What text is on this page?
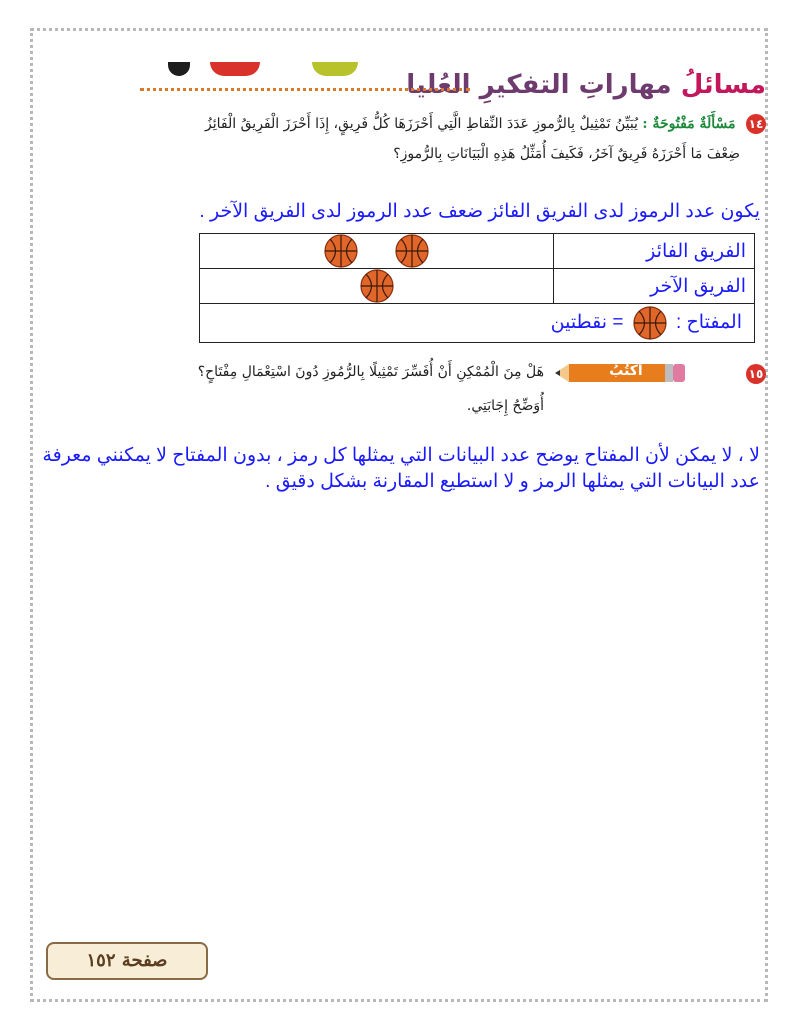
مسائلُ مهاراتِ التفكيرِ العُليا
١٤ مَسْأَلَةٌ مَفْتُوحَةٌ : يُبَيِّنُ تَمْثِيلٌ بِالرُّموزِ عَدَدَ النِّقاطِ الَّتِي أَحْرَزَهَا كُلُّ فَرِيقٍ، إِذَا أَحْرَزَ الْفَرِيقُ الْفَائِزُ
ضِعْفَ مَا أَحْرَزَهُ فَرِيقٌ آخَرُ، فَكَيفَ أُمَثِّلُ هَذِهِ الْبَيَانَاتِ بِالرُّموزِ؟
يكون عدد الرموز لدى الفريق الفائز ضعف عدد الرموز لدى الفريق الآخر .
	الفريق الفائز
	الفريق الآخر
المفتاح :  = نقطتين	
أكْتُبُ	١٥
هَلْ مِنَ الْمُمْكِنِ أَنْ أُفَسِّرَ تَمْثِيلًا بِالرُّمُوزِ دُونَ اسْتِعْمَالِ مِفْتَاحٍ؟
أُوَضِّحُ إِجَابَتِي.
لا ، لا يمكن لأن المفتاح يوضح عدد البيانات التي يمثلها كل رمز ، بدون المفتاح لا يمكنني معرفة عدد البيانات التي يمثلها الرمز و لا استطيع المقارنة بشكل دقيق .
صفحة ١٥٢
